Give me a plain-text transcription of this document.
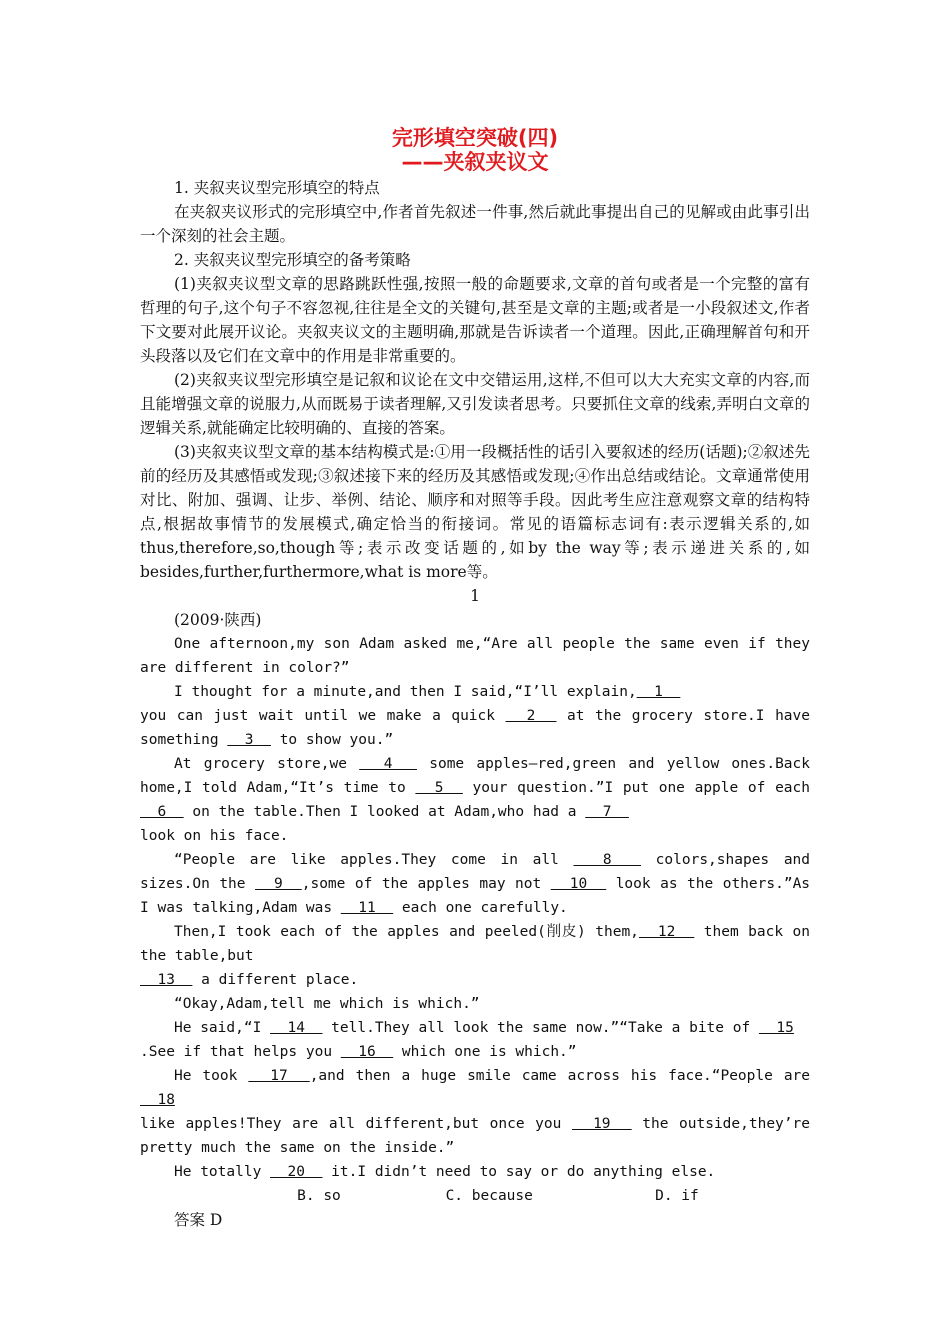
完形填空突破(四)
——夹叙夹议文

1. 夹叙夹议型完形填空的特点

在夹叙夹议形式的完形填空中,作者首先叙述一件事,然后就此事提出自己的见解或由此事引出一个深刻的社会主题。

2. 夹叙夹议型完形填空的备考策略

(1)夹叙夹议型文章的思路跳跃性强,按照一般的命题要求,文章的首句或者是一个完整的富有哲理的句子,这个句子不容忽视,往往是全文的关键句,甚至是文章的主题;或者是一小段叙述文,作者下文要对此展开议论。夹叙夹议文的主题明确,那就是告诉读者一个道理。因此,正确理解首句和开头段落以及它们在文章中的作用是非常重要的。

(2)夹叙夹议型完形填空是记叙和议论在文中交错运用,这样,不但可以大大充实文章的内容,而且能增强文章的说服力,从而既易于读者理解,又引发读者思考。只要抓住文章的线索,弄明白文章的逻辑关系,就能确定比较明确的、直接的答案。

(3)夹叙夹议型文章的基本结构模式是:①用一段概括性的话引入要叙述的经历(话题);②叙述先前的经历及其感悟或发现;③叙述接下来的经历及其感悟或发现;④作出总结或结论。文章通常使用对比、附加、强调、让步、举例、结论、顺序和对照等手段。因此考生应注意观察文章的结构特点,根据故事情节的发展模式,确定恰当的衔接词。常见的语篇标志词有:表示逻辑关系的,如thus,therefore,so,though等;表示改变话题的,如by the way等;表示递进关系的,如besides,further,furthermore,what is more等。

1

(2009·陕西)

One afternoon,my son Adam asked me,“Are all people the same even if they are different in color?”

I thought for a minute,and then I said,“I’ll explain,  1
you can just wait until we make a quick   2   at the grocery store.I have something   3   to show you.”

At grocery store,we   4   some apples—red,green and yellow ones.Back home,I told Adam,“It’s time to   5   your question.”I put one apple of each   6   on the table.Then I looked at Adam,who had a   7
look on his face.

“People are like apples.They come in all   8   colors,shapes and sizes.On the   9  ,some of the apples may not   10   look as the others.”As I was talking,Adam was   11   each one carefully.

Then,I took each of the apples and peeled(削皮) them,  12   them back on the table,but
13   a different place.

“Okay,Adam,tell me which is which.”

He said,“I   14   tell.They all look the same now.”“Take a bite of   15
.See if that helps you   16   which one is which.”

He took   17  ,and then a huge smile came across his face.“People are   18
like apples!They are all different,but once you   19   the outside,they’re pretty much the same on the inside.”

He totally   20   it.I didn’t need to say or do anything else.

B. so	C. because	D. if

答案 D
